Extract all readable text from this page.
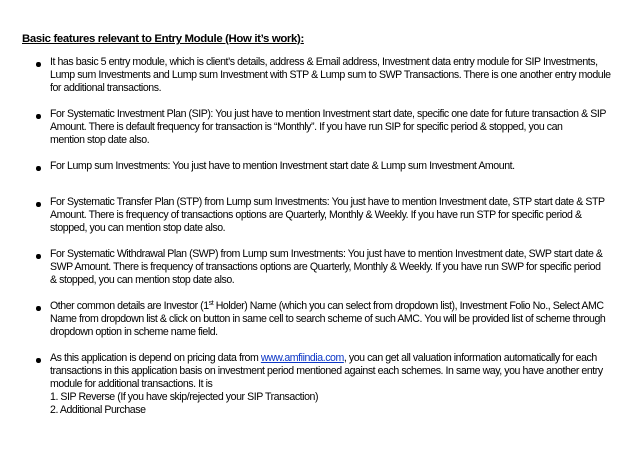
Basic features relevant to Entry Module (How it’s work):
It has basic 5 entry module, which is client’s details, address & Email address, Investment data entry module for SIP Investments,
Lump sum Investments and Lump sum Investment with STP & Lump sum to SWP Transactions. There is one another entry module
for additional transactions.
For Systematic Investment Plan (SIP): You just have to mention Investment start date, specific one date for future transaction & SIP
Amount. There is default frequency for transaction is “Monthly”. If you have run SIP for specific period & stopped, you can
mention stop date also.
For Lump sum Investments: You just have to mention Investment start date & Lump sum Investment Amount.
For Systematic Transfer Plan (STP) from Lump sum Investments: You just have to mention Investment date, STP start date & STP
Amount. There is frequency of transactions options are Quarterly, Monthly & Weekly. If you have run STP for specific period &
stopped, you can mention stop date also.
For Systematic Withdrawal Plan (SWP) from Lump sum Investments: You just have to mention Investment date, SWP start date &
SWP Amount. There is frequency of transactions options are Quarterly, Monthly & Weekly. If you have run SWP for specific period
& stopped, you can mention stop date also.
Other common details are Investor (1st Holder) Name (which you can select from dropdown list), Investment Folio No., Select AMC
Name from dropdown list & click on button in same cell to search scheme of such AMC. You will be provided list of scheme through
dropdown option in scheme name field.
As this application is depend on pricing data from www.amfiindia.com, you can get all valuation information automatically for each
transactions in this application basis on investment period mentioned against each schemes. In same way, you have another entry
module for additional transactions. It is
1. SIP Reverse (If you have skip/rejected your SIP Transaction)
2. Additional Purchase
